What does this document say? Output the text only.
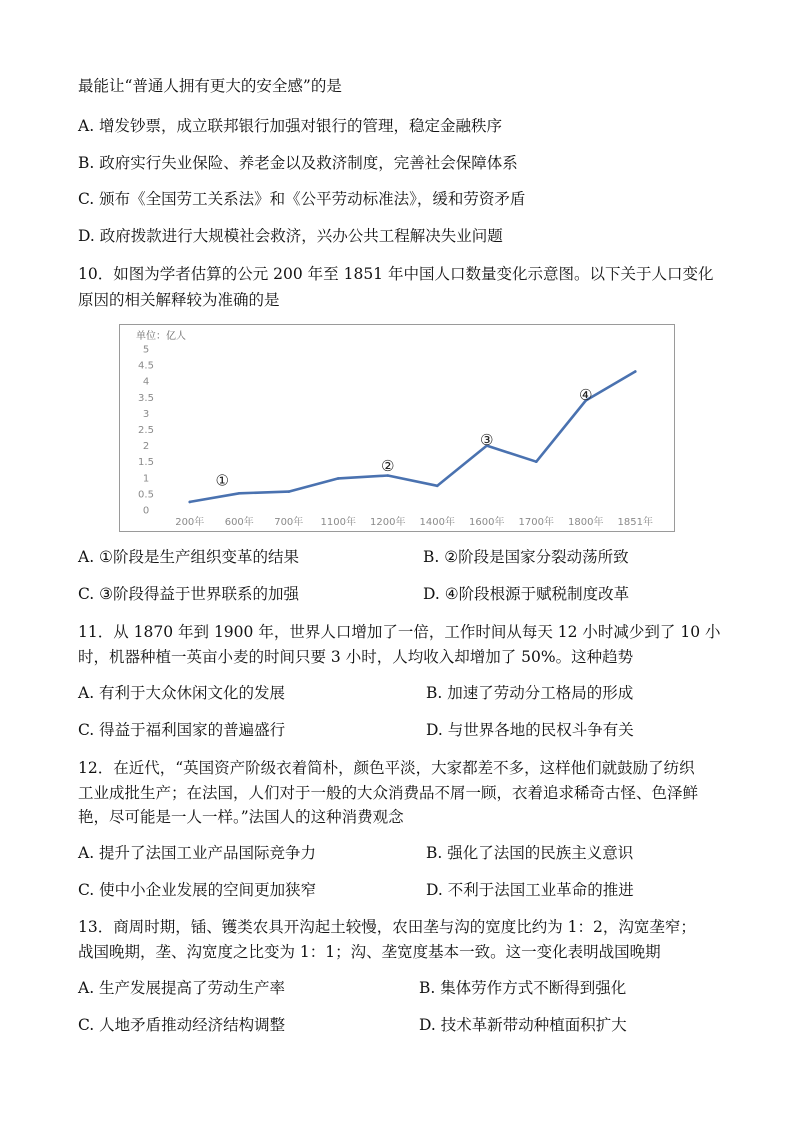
最能让“普通人拥有更大的安全感”的是
A. 增发钞票，成立联邦银行加强对银行的管理，稳定金融秩序
B. 政府实行失业保险、养老金以及救济制度，完善社会保障体系
C. 颁布《全国劳工关系法》和《公平劳动标准法》，缓和劳资矛盾
D. 政府拨款进行大规模社会救济，兴办公共工程解决失业问题
10．如图为学者估算的公元 200 年至 1851 年中国人口数量变化示意图。以下关于人口变化
原因的相关解释较为准确的是
单位：亿人
0
0.5
1
1.5
2
2.5
3
3.5
4
4.5
5
200年 600年 700年 1100年 1200年 1400年 1600年 1700年 1800年 1851年
①
②
③
④
A. ①阶段是生产组织变革的结果	B. ②阶段是国家分裂动荡所致
C. ③阶段得益于世界联系的加强	D. ④阶段根源于赋税制度改革
11．从 1870 年到 1900 年，世界人口增加了一倍，工作时间从每天 12 小时减少到了 10 小
时，机器种植一英亩小麦的时间只要 3 小时，人均收入却增加了 50%。这种趋势
A. 有利于大众休闲文化的发展	B. 加速了劳动分工格局的形成
C. 得益于福利国家的普遍盛行	D. 与世界各地的民权斗争有关
12．在近代，“英国资产阶级衣着简朴，颜色平淡，大家都差不多，这样他们就鼓励了纺织
工业成批生产；在法国，人们对于一般的大众消费品不屑一顾，衣着追求稀奇古怪、色泽鲜
艳，尽可能是一人一样。”法国人的这种消费观念
A. 提升了法国工业产品国际竞争力	B. 强化了法国的民族主义意识
C. 使中小企业发展的空间更加狭窄	D. 不利于法国工业革命的推进
13．商周时期，锸、镬类农具开沟起土较慢，农田垄与沟的宽度比约为 1：2，沟宽垄窄；
战国晚期，垄、沟宽度之比变为 1：1；沟、垄宽度基本一致。这一变化表明战国晚期
A. 生产发展提高了劳动生产率	B. 集体劳作方式不断得到强化
C. 人地矛盾推动经济结构调整	D. 技术革新带动种植面积扩大
